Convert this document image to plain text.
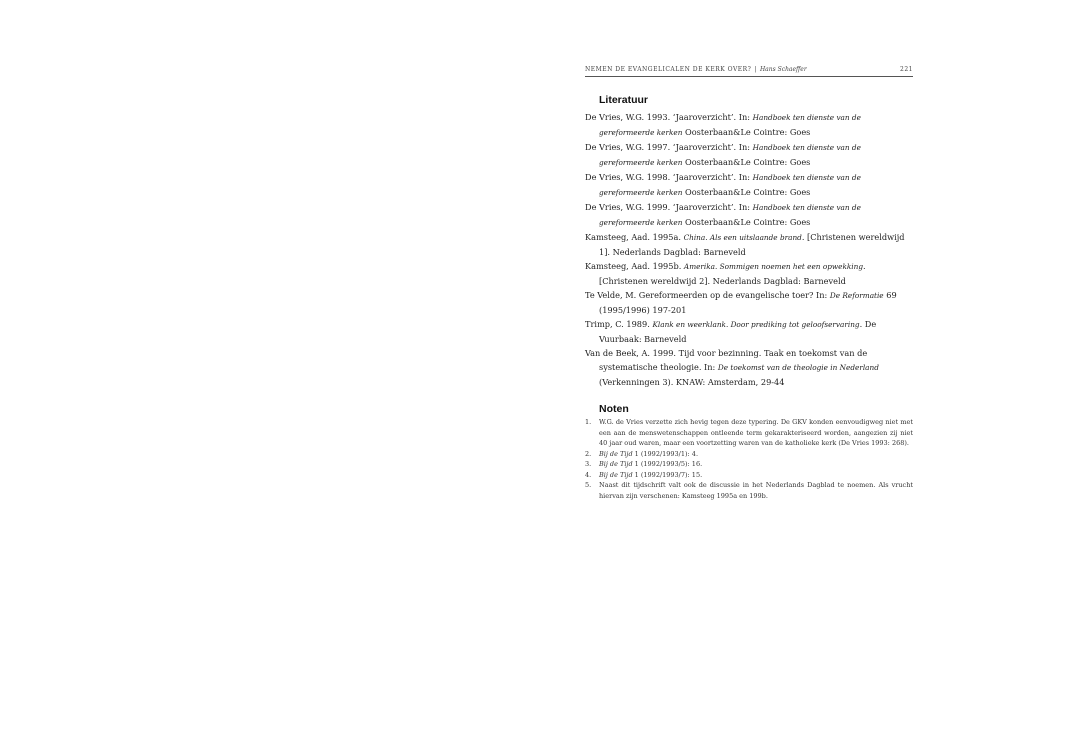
NEMEN DE EVANGELICALEN DE KERK OVER? | Hans Schaeffer	221
Literatuur
De Vries, W.G. 1993. ‘Jaaroverzicht’. In: Handboek ten dienste van de gereformeerde kerken Oosterbaan&Le Cointre: Goes
De Vries, W.G. 1997. ‘Jaaroverzicht’. In: Handboek ten dienste van de gereformeerde kerken Oosterbaan&Le Cointre: Goes
De Vries, W.G. 1998. ‘Jaaroverzicht’. In: Handboek ten dienste van de gereformeerde kerken Oosterbaan&Le Cointre: Goes
De Vries, W.G. 1999. ‘Jaaroverzicht’. In: Handboek ten dienste van de gereformeerde kerken Oosterbaan&Le Cointre: Goes
Kamsteeg, Aad. 1995a. China. Als een uitslaande brand. [Christenen wereldwijd 1]. Nederlands Dagblad: Barneveld
Kamsteeg, Aad. 1995b. Amerika. Sommigen noemen het een opwekking. [Christenen wereldwijd 2]. Nederlands Dagblad: Barneveld
Te Velde, M. Gereformeerden op de evangelische toer? In: De Reformatie 69 (1995/1996) 197-201
Trimp, C. 1989. Klank en weerklank. Door prediking tot geloofservaring. De Vuurbaak: Barneveld
Van de Beek, A. 1999. Tijd voor bezinning. Taak en toekomst van de systematische theologie. In: De toekomst van de theologie in Nederland (Verkenningen 3). KNAW: Amsterdam, 29-44
Noten
1.	W.G. de Vries verzette zich hevig tegen deze typering. De GKV konden eenvoudigweg niet met een aan de menswetenschappen ontleende term gekarakteriseerd worden, aangezien zij niet 40 jaar oud waren, maar een voortzetting waren van de katholieke kerk (De Vries 1993: 268).
2.	Bij de Tijd 1 (1992/1993/1): 4.
3.	Bij de Tijd 1 (1992/1993/5): 16.
4.	Bij de Tijd 1 (1992/1993/7): 15.
5.	Naast dit tijdschrift valt ook de discussie in het Nederlands Dagblad te noemen. Als vrucht hiervan zijn verschenen: Kamsteeg 1995a en 199b.
